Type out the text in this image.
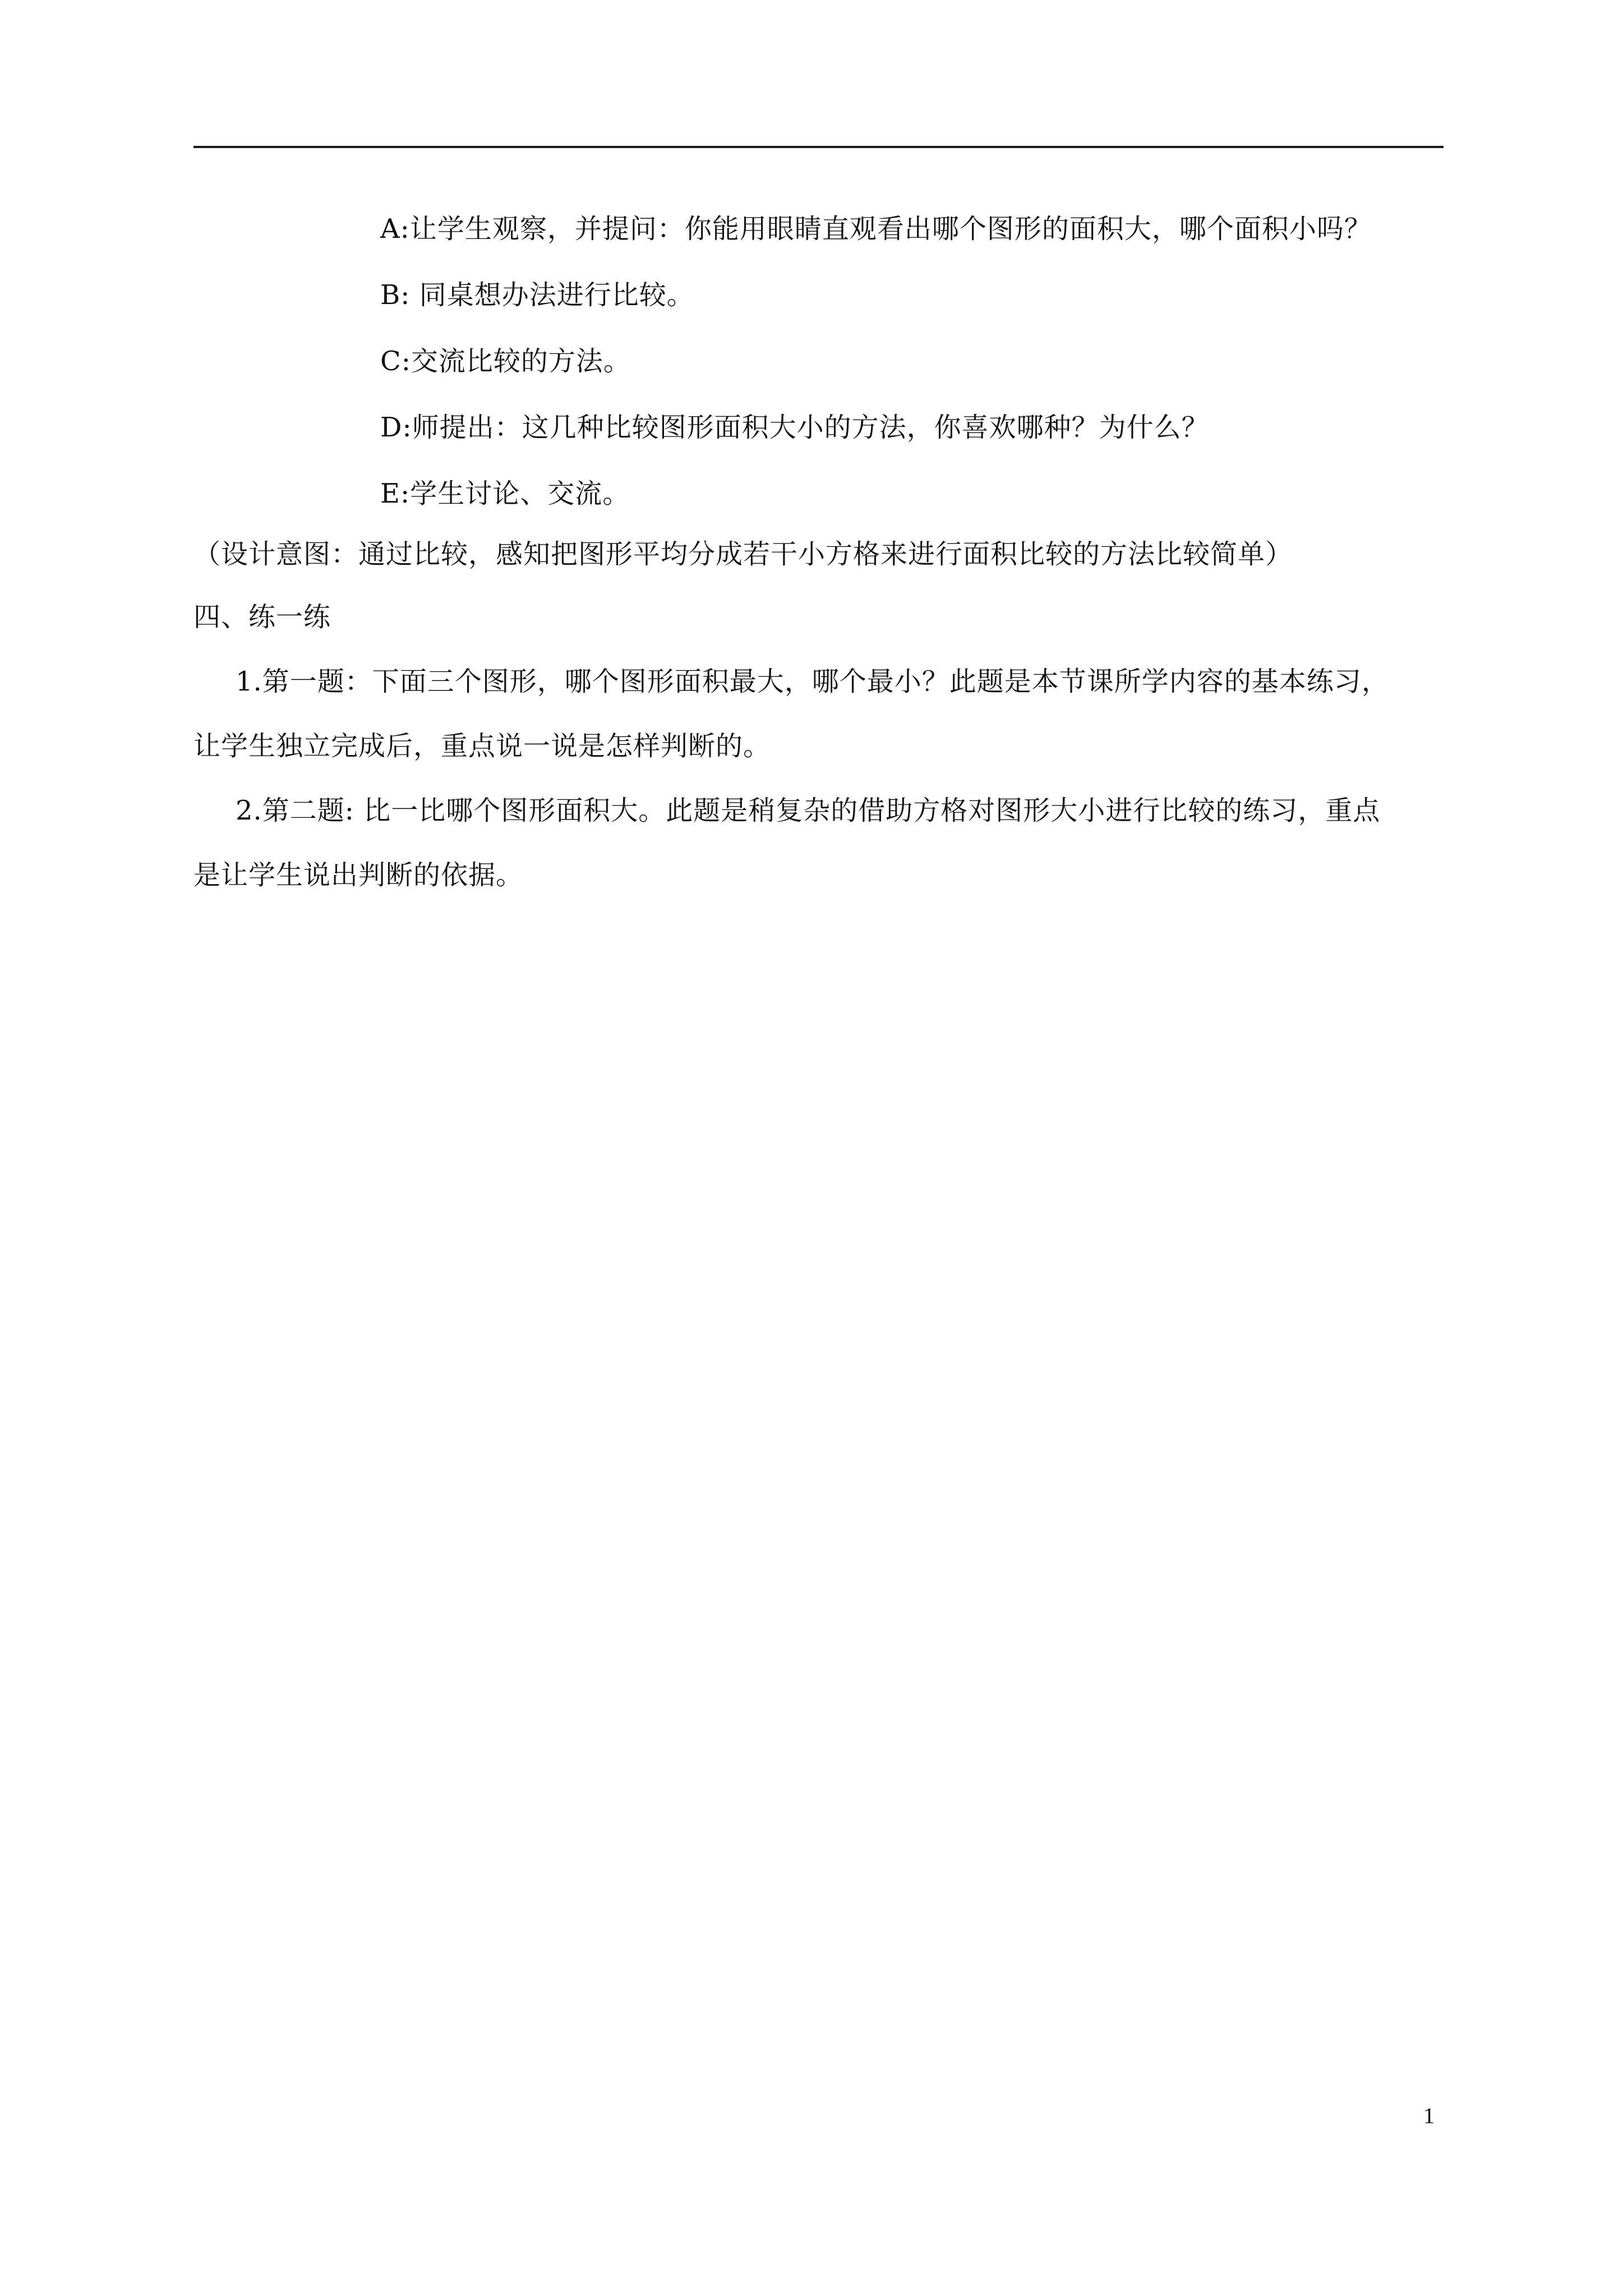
A:让学生观察，并提问：你能用眼睛直观看出哪个图形的面积大，哪个面积小吗？
B: 同桌想办法进行比较。
C:交流比较的方法。
D:师提出：这几种比较图形面积大小的方法，你喜欢哪种？为什么？
E:学生讨论、交流。
（设计意图：通过比较，感知把图形平均分成若干小方格来进行面积比较的方法比较简单）
四、练一练
1.第一题：下面三个图形，哪个图形面积最大，哪个最小？此题是本节课所学内容的基本练习，
让学生独立完成后，重点说一说是怎样判断的。
2.第二题: 比一比哪个图形面积大。此题是稍复杂的借助方格对图形大小进行比较的练习，重点
是让学生说出判断的依据。
1
